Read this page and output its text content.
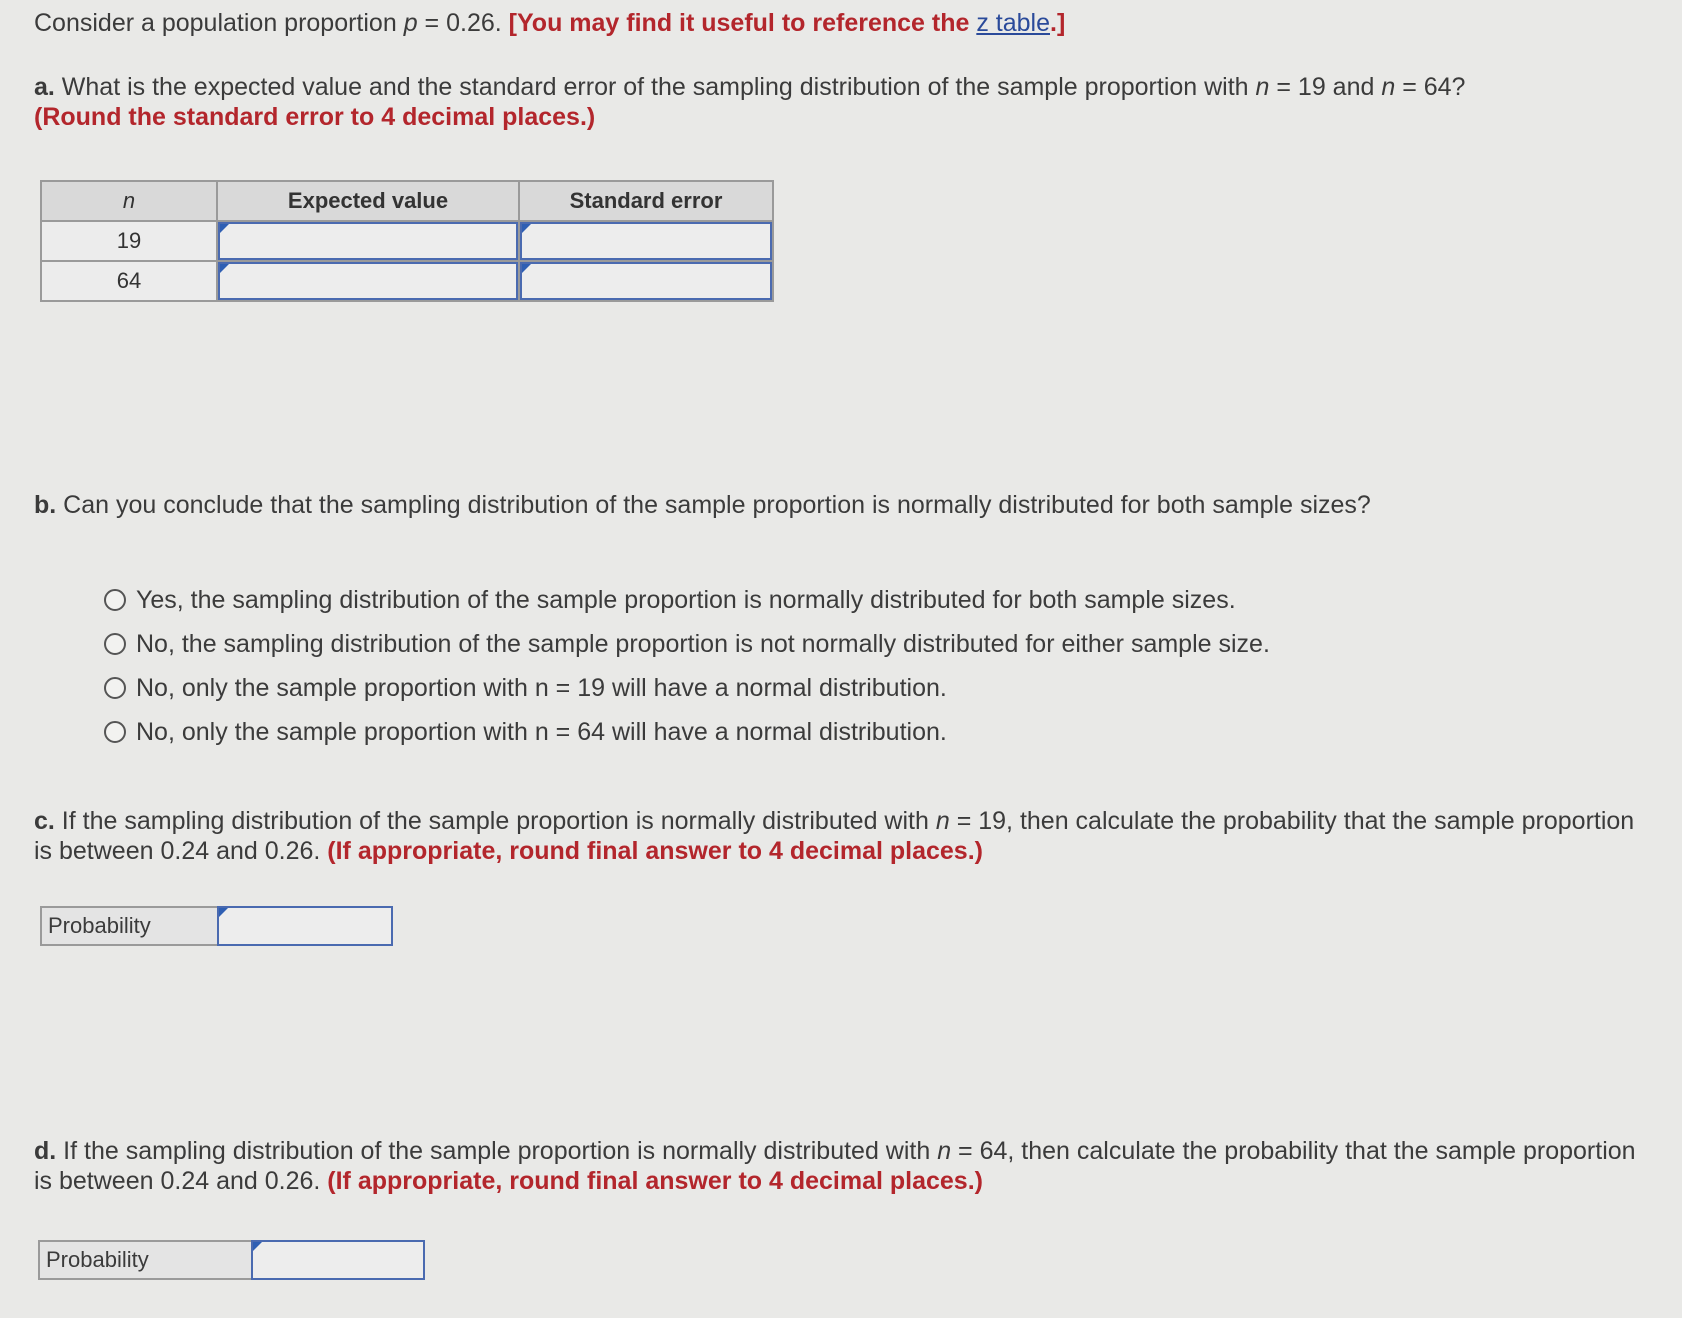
Consider a population proportion p = 0.26. [You may find it useful to reference the z table.]

a. What is the expected value and the standard error of the sampling distribution of the sample proportion with n = 19 and n = 64?
(Round the standard error to 4 decimal places.)

n	Expected value	Standard error
19	

64	

b. Can you conclude that the sampling distribution of the sample proportion is normally distributed for both sample sizes?

Yes, the sampling distribution of the sample proportion is normally distributed for both sample sizes.
No, the sampling distribution of the sample proportion is not normally distributed for either sample size.
No, only the sample proportion with n = 19 will have a normal distribution.
No, only the sample proportion with n = 64 will have a normal distribution.

c. If the sampling distribution of the sample proportion is normally distributed with n = 19, then calculate the probability that the sample proportion is between 0.24 and 0.26. (If appropriate, round final answer to 4 decimal places.)

Probability

d. If the sampling distribution of the sample proportion is normally distributed with n = 64, then calculate the probability that the sample proportion is between 0.24 and 0.26. (If appropriate, round final answer to 4 decimal places.)

Probability
